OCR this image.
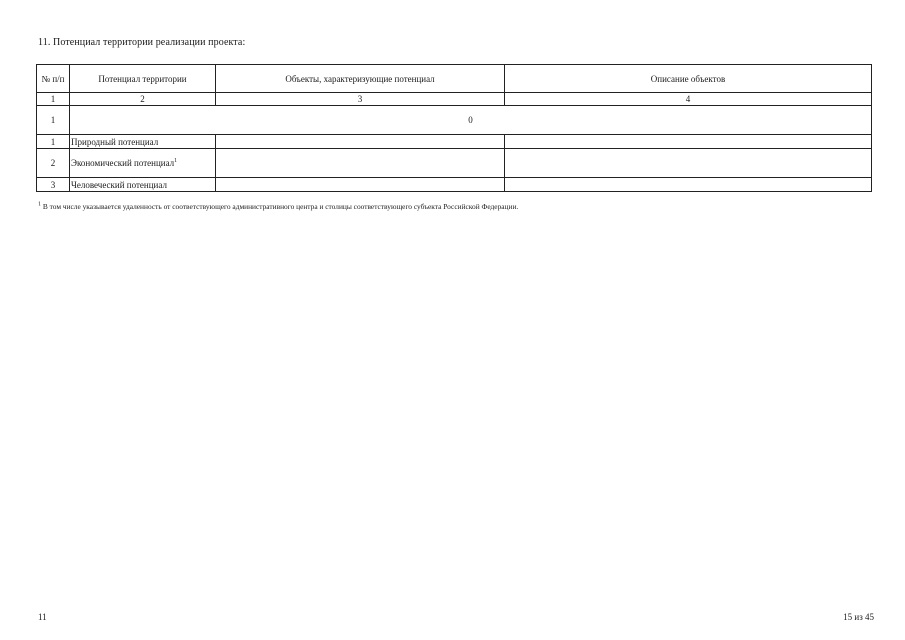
11. Потенциал территории реализации проекта:
№ п/п	Потенциал территории	Объекты, характеризующие потенциал	Описание объектов
1	2	3	4
1	0		
1	Природный потенциал		
2	Экономический потенциал$^1$		
3	Человеческий потенциал		
$^1$ В том числе указывается удаленность от соответствующего административного центра и столицы соответствующего субъекта Российской Федерации.
11	15 из 45
